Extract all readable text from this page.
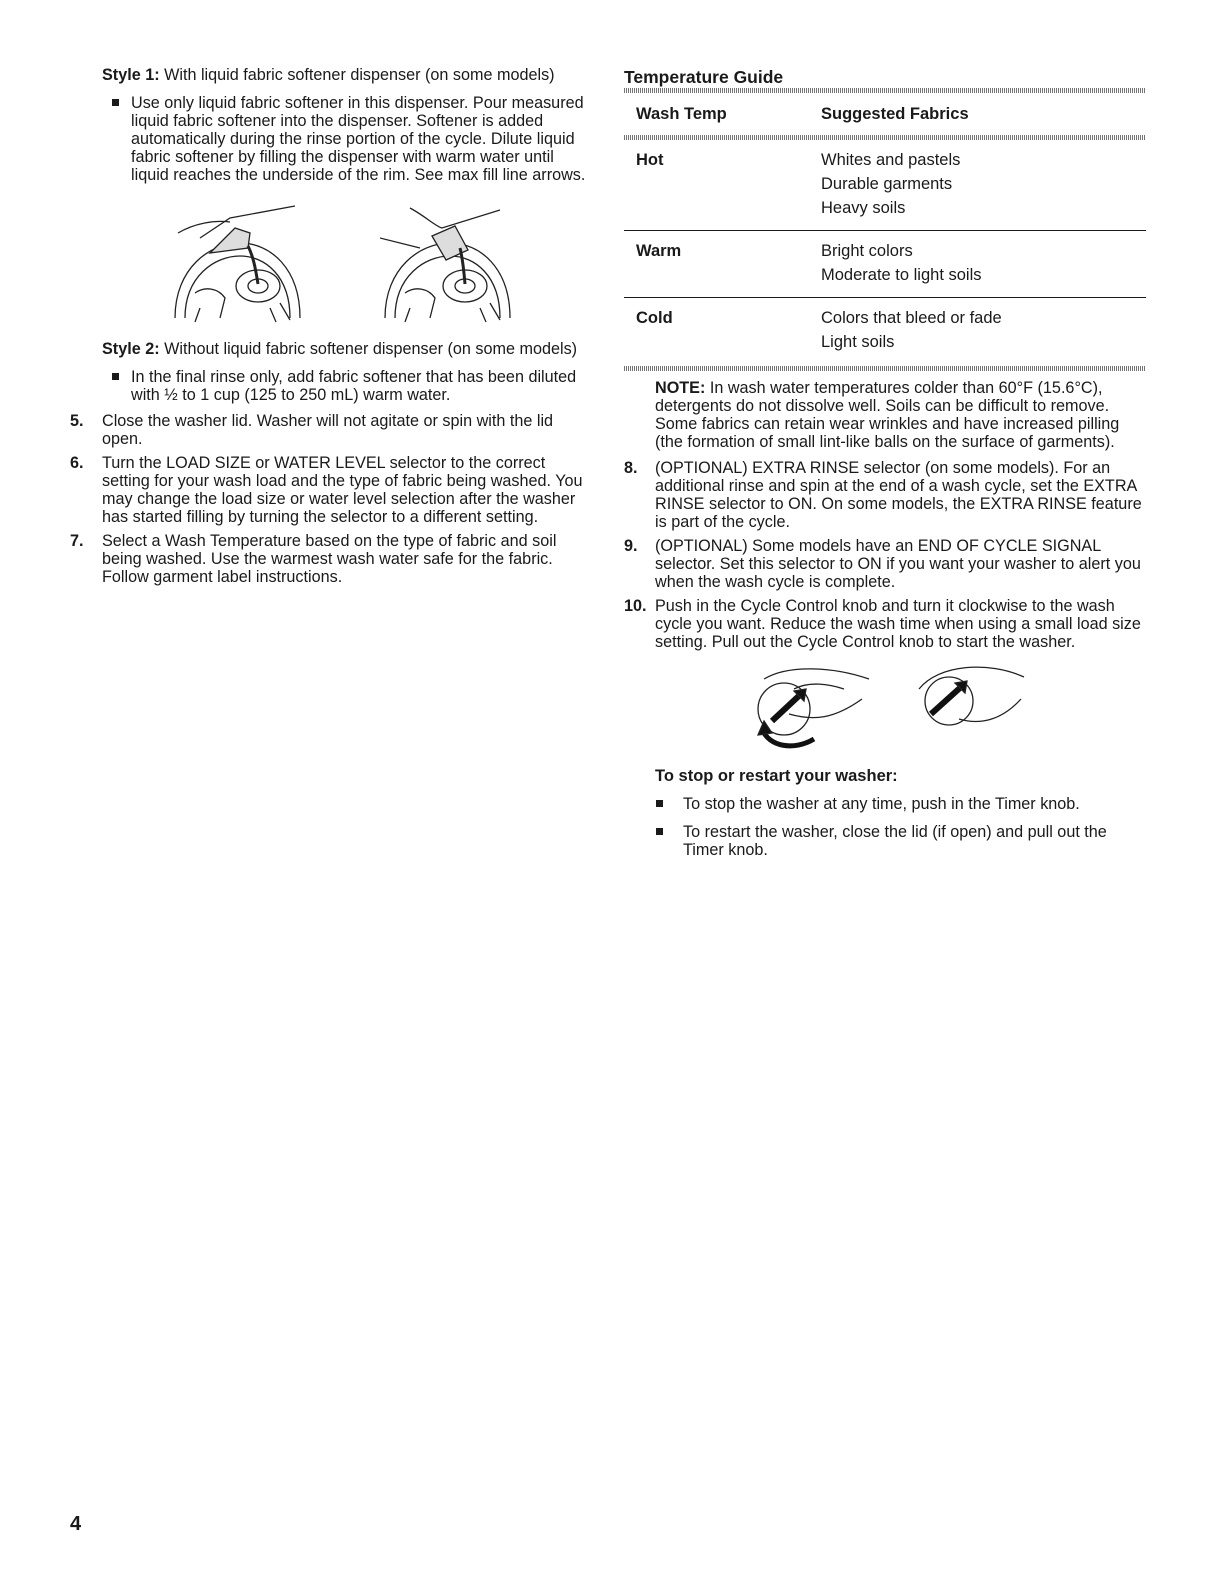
Style 1: With liquid fabric softener dispenser (on some models)

Use only liquid fabric softener in this dispenser. Pour measured liquid fabric softener into the dispenser. Softener is added automatically during the rinse portion of the cycle. Dilute liquid fabric softener by filling the dispenser with warm water until liquid reaches the underside of the rim. See max fill line arrows.

Style 2: Without liquid fabric softener dispenser (on some models)

In the final rinse only, add fabric softener that has been diluted with ½ to 1 cup (125 to 250 mL) warm water.
5. Close the washer lid. Washer will not agitate or spin with the lid open.
6. Turn the LOAD SIZE or WATER LEVEL selector to the correct setting for your wash load and the type of fabric being washed. You may change the load size or water level selection after the washer has started filling by turning the selector to a different setting.
7. Select a Wash Temperature based on the type of fabric and soil being washed. Use the warmest wash water safe for the fabric. Follow garment label instructions.
Temperature Guide
Wash Temp	Suggested Fabrics
Hot	Whites and pastels
Durable garments
Heavy soils
Warm	Bright colors
Moderate to light soils
Cold	Colors that bleed or fade
Light soils

NOTE: In wash water temperatures colder than 60°F (15.6°C), detergents do not dissolve well. Soils can be difficult to remove. Some fabrics can retain wear wrinkles and have increased pilling (the formation of small lint-like balls on the surface of garments).

8. (OPTIONAL) EXTRA RINSE selector (on some models). For an additional rinse and spin at the end of a wash cycle, set the EXTRA RINSE selector to ON. On some models, the EXTRA RINSE feature is part of the cycle.
9. (OPTIONAL) Some models have an END OF CYCLE SIGNAL selector. Set this selector to ON if you want your washer to alert you when the wash cycle is complete.
10. Push in the Cycle Control knob and turn it clockwise to the wash cycle you want. Reduce the wash time when using a small load size setting. Pull out the Cycle Control knob to start the washer.
To stop or restart your washer:
To stop the washer at any time, push in the Timer knob.
To restart the washer, close the lid (if open) and pull out the Timer knob.
4
